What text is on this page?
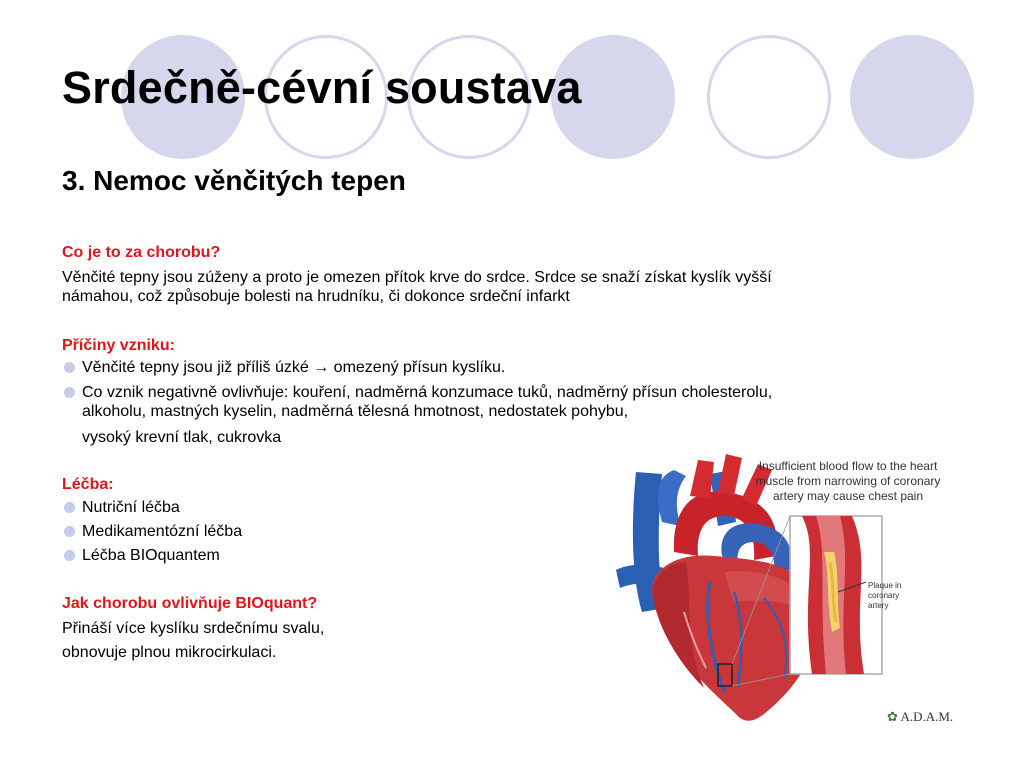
Srdečně-cévní soustava
3. Nemoc věnčitých tepen
Co je to za chorobu?
Věnčité tepny jsou zúženy a proto je omezen přítok krve do srdce. Srdce se snaží získat kyslík vyšší
námahou, což způsobuje bolesti na hrudníku, či dokonce srdeční infarkt
Příčiny vzniku:
Věnčité tepny jsou již příliš úzké → omezený přísun kyslíku.
Co vznik negativně ovlivňuje: kouření, nadměrná konzumace tuků, nadměrný přísun cholesterolu,
alkoholu, mastných kyselin, nadměrná tělesná hmotnost, nedostatek pohybu,
vysoký krevní tlak, cukrovka
Léčba:
Nutriční léčba
Medikamentózní léčba
Léčba BIOquantem
Jak chorobu ovlivňuje BIOquant?
Přináší více kyslíku srdečnímu svalu,
obnovuje plnou mikrocirkulaci.
Insufficient blood flow to the heart
muscle from narrowing of coronary
artery may cause chest pain
Plaque in
coronary
artery
✿ A.D.A.M.
